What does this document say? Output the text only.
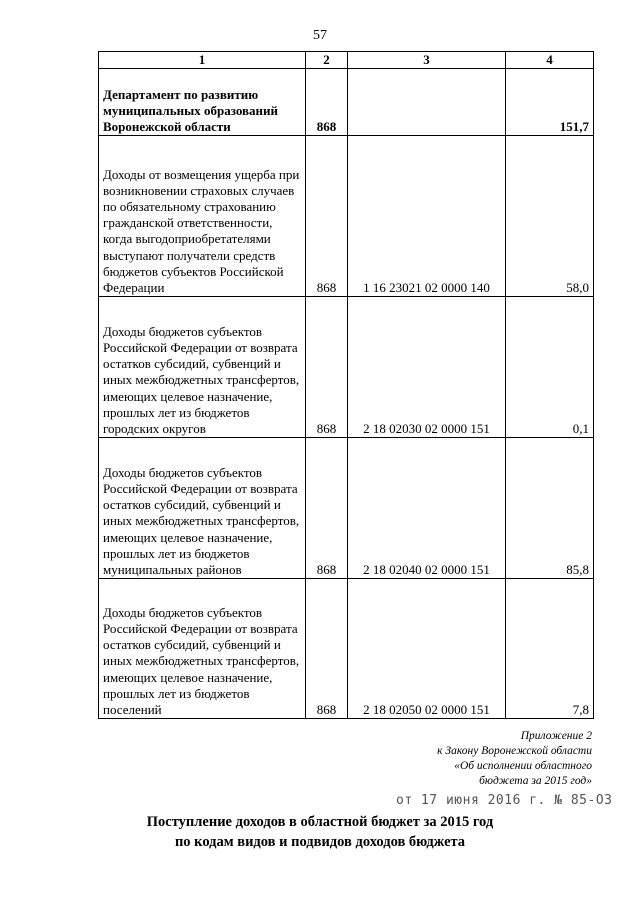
57
1	2	3	4
Департамент по развитию муниципальных образований Воронежской области	868		151,7
Доходы от возмещения ущерба при возникновении страховых случаев по обязательному страхованию гражданской ответственности, когда выгодоприобретателями выступают получатели средств бюджетов субъектов Российской Федерации	868	1 16 23021 02 0000 140	58,0
Доходы бюджетов субъектов Российской Федерации от возврата остатков субсидий, субвенций и иных межбюджетных трансфертов, имеющих целевое назначение, прошлых лет из бюджетов городских округов	868	2 18 02030 02 0000 151	0,1
Доходы бюджетов субъектов Российской Федерации от возврата остатков субсидий, субвенций и иных межбюджетных трансфертов, имеющих целевое назначение, прошлых лет из бюджетов муниципальных районов	868	2 18 02040 02 0000 151	85,8
Доходы бюджетов субъектов Российской Федерации от возврата остатков субсидий, субвенций и иных межбюджетных трансфертов, имеющих целевое назначение, прошлых лет из бюджетов поселений	868	2 18 02050 02 0000 151	7,8
Приложение 2
к Закону Воронежской области
«Об исполнении областного
бюджета за 2015 год»
от 17 июня 2016 г. № 85-ОЗ
Поступление доходов в областной бюджет за 2015 год
по кодам видов и подвидов доходов бюджета
